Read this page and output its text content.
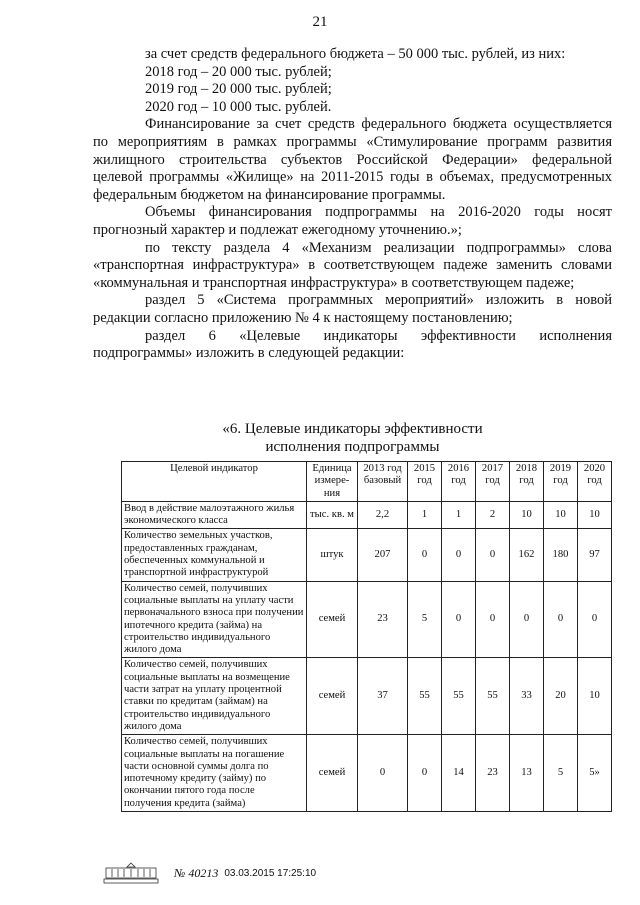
21

за счет средств федерального бюджета – 50 000 тыс. рублей, из них:

2018 год – 20 000 тыс. рублей;

2019 год – 20 000 тыс. рублей;

2020 год – 10 000 тыс. рублей.

Финансирование за счет средств федерального бюджета осуществляется по мероприятиям в рамках программы «Стимулирование программ развития жилищного строительства субъектов Российской Федерации» федеральной целевой программы «Жилище» на 2011-2015 годы в объемах, предусмотренных федеральным бюджетом на финансирование программы.

Объемы финансирования подпрограммы на 2016-2020 годы носят прогнозный характер и подлежат ежегодному уточнению.»;

по тексту раздела 4 «Механизм реализации подпрограммы» слова «транспортная инфраструктура» в соответствующем падеже заменить словами «коммунальная и транспортная инфраструктура» в соответствующем падеже;

раздел 5 «Система программных мероприятий» изложить в новой редакции согласно приложению № 4 к настоящему постановлению;

раздел 6 «Целевые индикаторы эффективности исполнения подпрограммы» изложить в следующей редакции:

«6. Целевые индикаторы эффективности
исполнения подпрограммы
Целевой индикатор	Единица измере-ния	2013 год базовый	2015 год	2016 год	2017 год	2018 год	2019 год	2020 год
Ввод в действие малоэтажного жилья экономического класса	тыс. кв. м	2,2	1	1	2	10	10	10
Количество земельных участков, предоставленных гражданам, обеспеченных коммунальной и транспортной инфраструктурой	штук	207	0	0	0	162	180	97
Количество семей, получивших социальные выплаты на уплату части первоначального взноса при получении ипотечного кредита (займа) на строительство индивидуального жилого дома	семей	23	5	0	0	0	0	0
Количество семей, получивших социальные выплаты на возмещение части затрат на уплату процентной ставки по кредитам (займам) на строительство индивидуального жилого дома	семей	37	55	55	55	33	20	10
Количество семей, получивших социальные выплаты на погашение части основной суммы долга по ипотечному кредиту (займу) по окончании пятого года после получения кредита (займа)	семей	0	0	14	23	13	5	5»
№ 40213 03.03.2015 17:25:10
